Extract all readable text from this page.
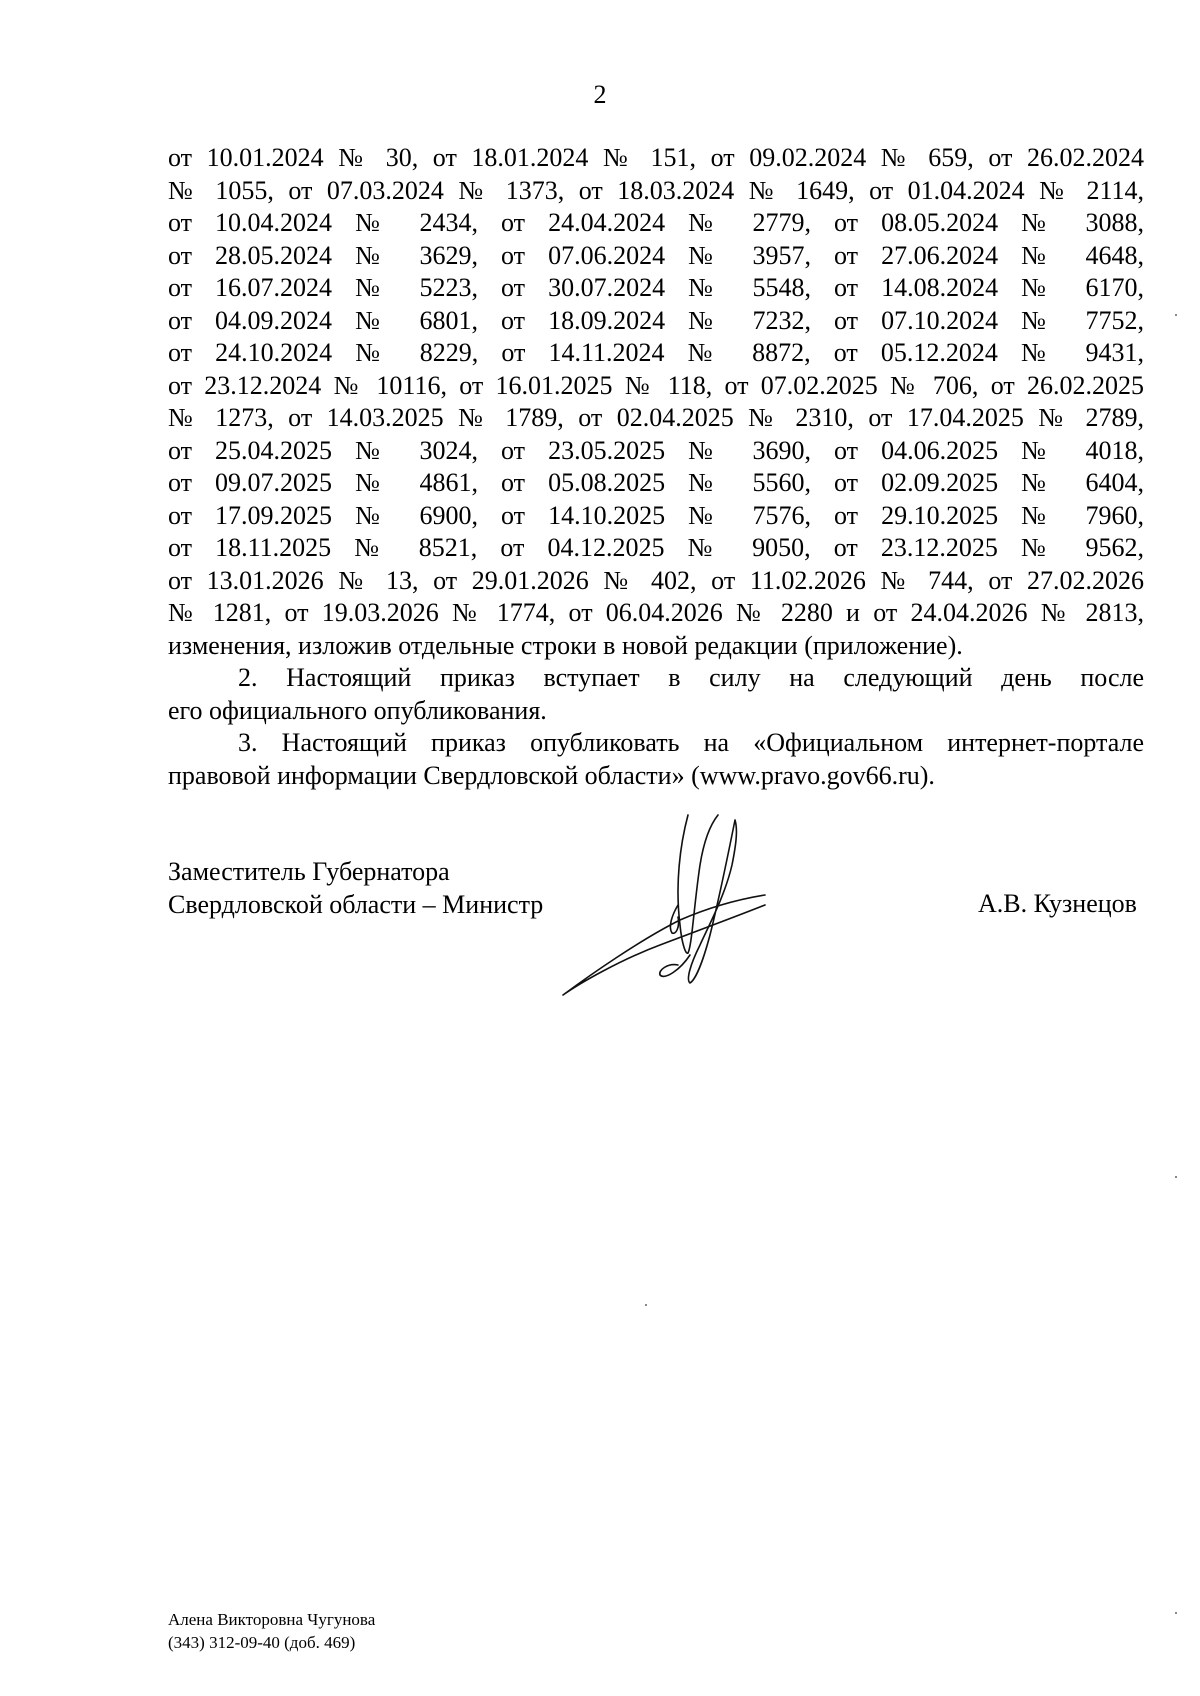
2
от 10.01.2024 № 30, от 18.01.2024 № 151, от 09.02.2024 № 659, от 26.02.2024
№ 1055, от 07.03.2024 № 1373, от 18.03.2024 № 1649, от 01.04.2024 № 2114,
от 10.04.2024 № 2434, от 24.04.2024 № 2779, от 08.05.2024 № 3088,
от 28.05.2024 № 3629, от 07.06.2024 № 3957, от 27.06.2024 № 4648,
от 16.07.2024 № 5223, от 30.07.2024 № 5548, от 14.08.2024 № 6170,
от 04.09.2024 № 6801, от 18.09.2024 № 7232, от 07.10.2024 № 7752,
от 24.10.2024 № 8229, от 14.11.2024 № 8872, от 05.12.2024 № 9431,
от 23.12.2024 № 10116, от 16.01.2025 № 118, от 07.02.2025 № 706, от 26.02.2025
№ 1273, от 14.03.2025 № 1789, от 02.04.2025 № 2310, от 17.04.2025 № 2789,
от 25.04.2025 № 3024, от 23.05.2025 № 3690, от 04.06.2025 № 4018,
от 09.07.2025 № 4861, от 05.08.2025 № 5560, от 02.09.2025 № 6404,
от 17.09.2025 № 6900, от 14.10.2025 № 7576, от 29.10.2025 № 7960,
от 18.11.2025 № 8521, от 04.12.2025 № 9050, от 23.12.2025 № 9562,
от 13.01.2026 № 13, от 29.01.2026 № 402, от 11.02.2026 № 744, от 27.02.2026
№ 1281, от 19.03.2026 № 1774, от 06.04.2026 № 2280 и от 24.04.2026 № 2813,
изменения, изложив отдельные строки в новой редакции (приложение).
2. Настоящий приказ вступает в силу на следующий день после
его официального опубликования.
3. Настоящий приказ опубликовать на «Официальном интернет-портале
правовой информации Свердловской области» (www.pravo.gov66.ru).
Заместитель Губернатора
Свердловской области – Министр	А.В. Кузнецов
Алена Викторовна Чугунова
(343) 312-09-40 (доб. 469)
